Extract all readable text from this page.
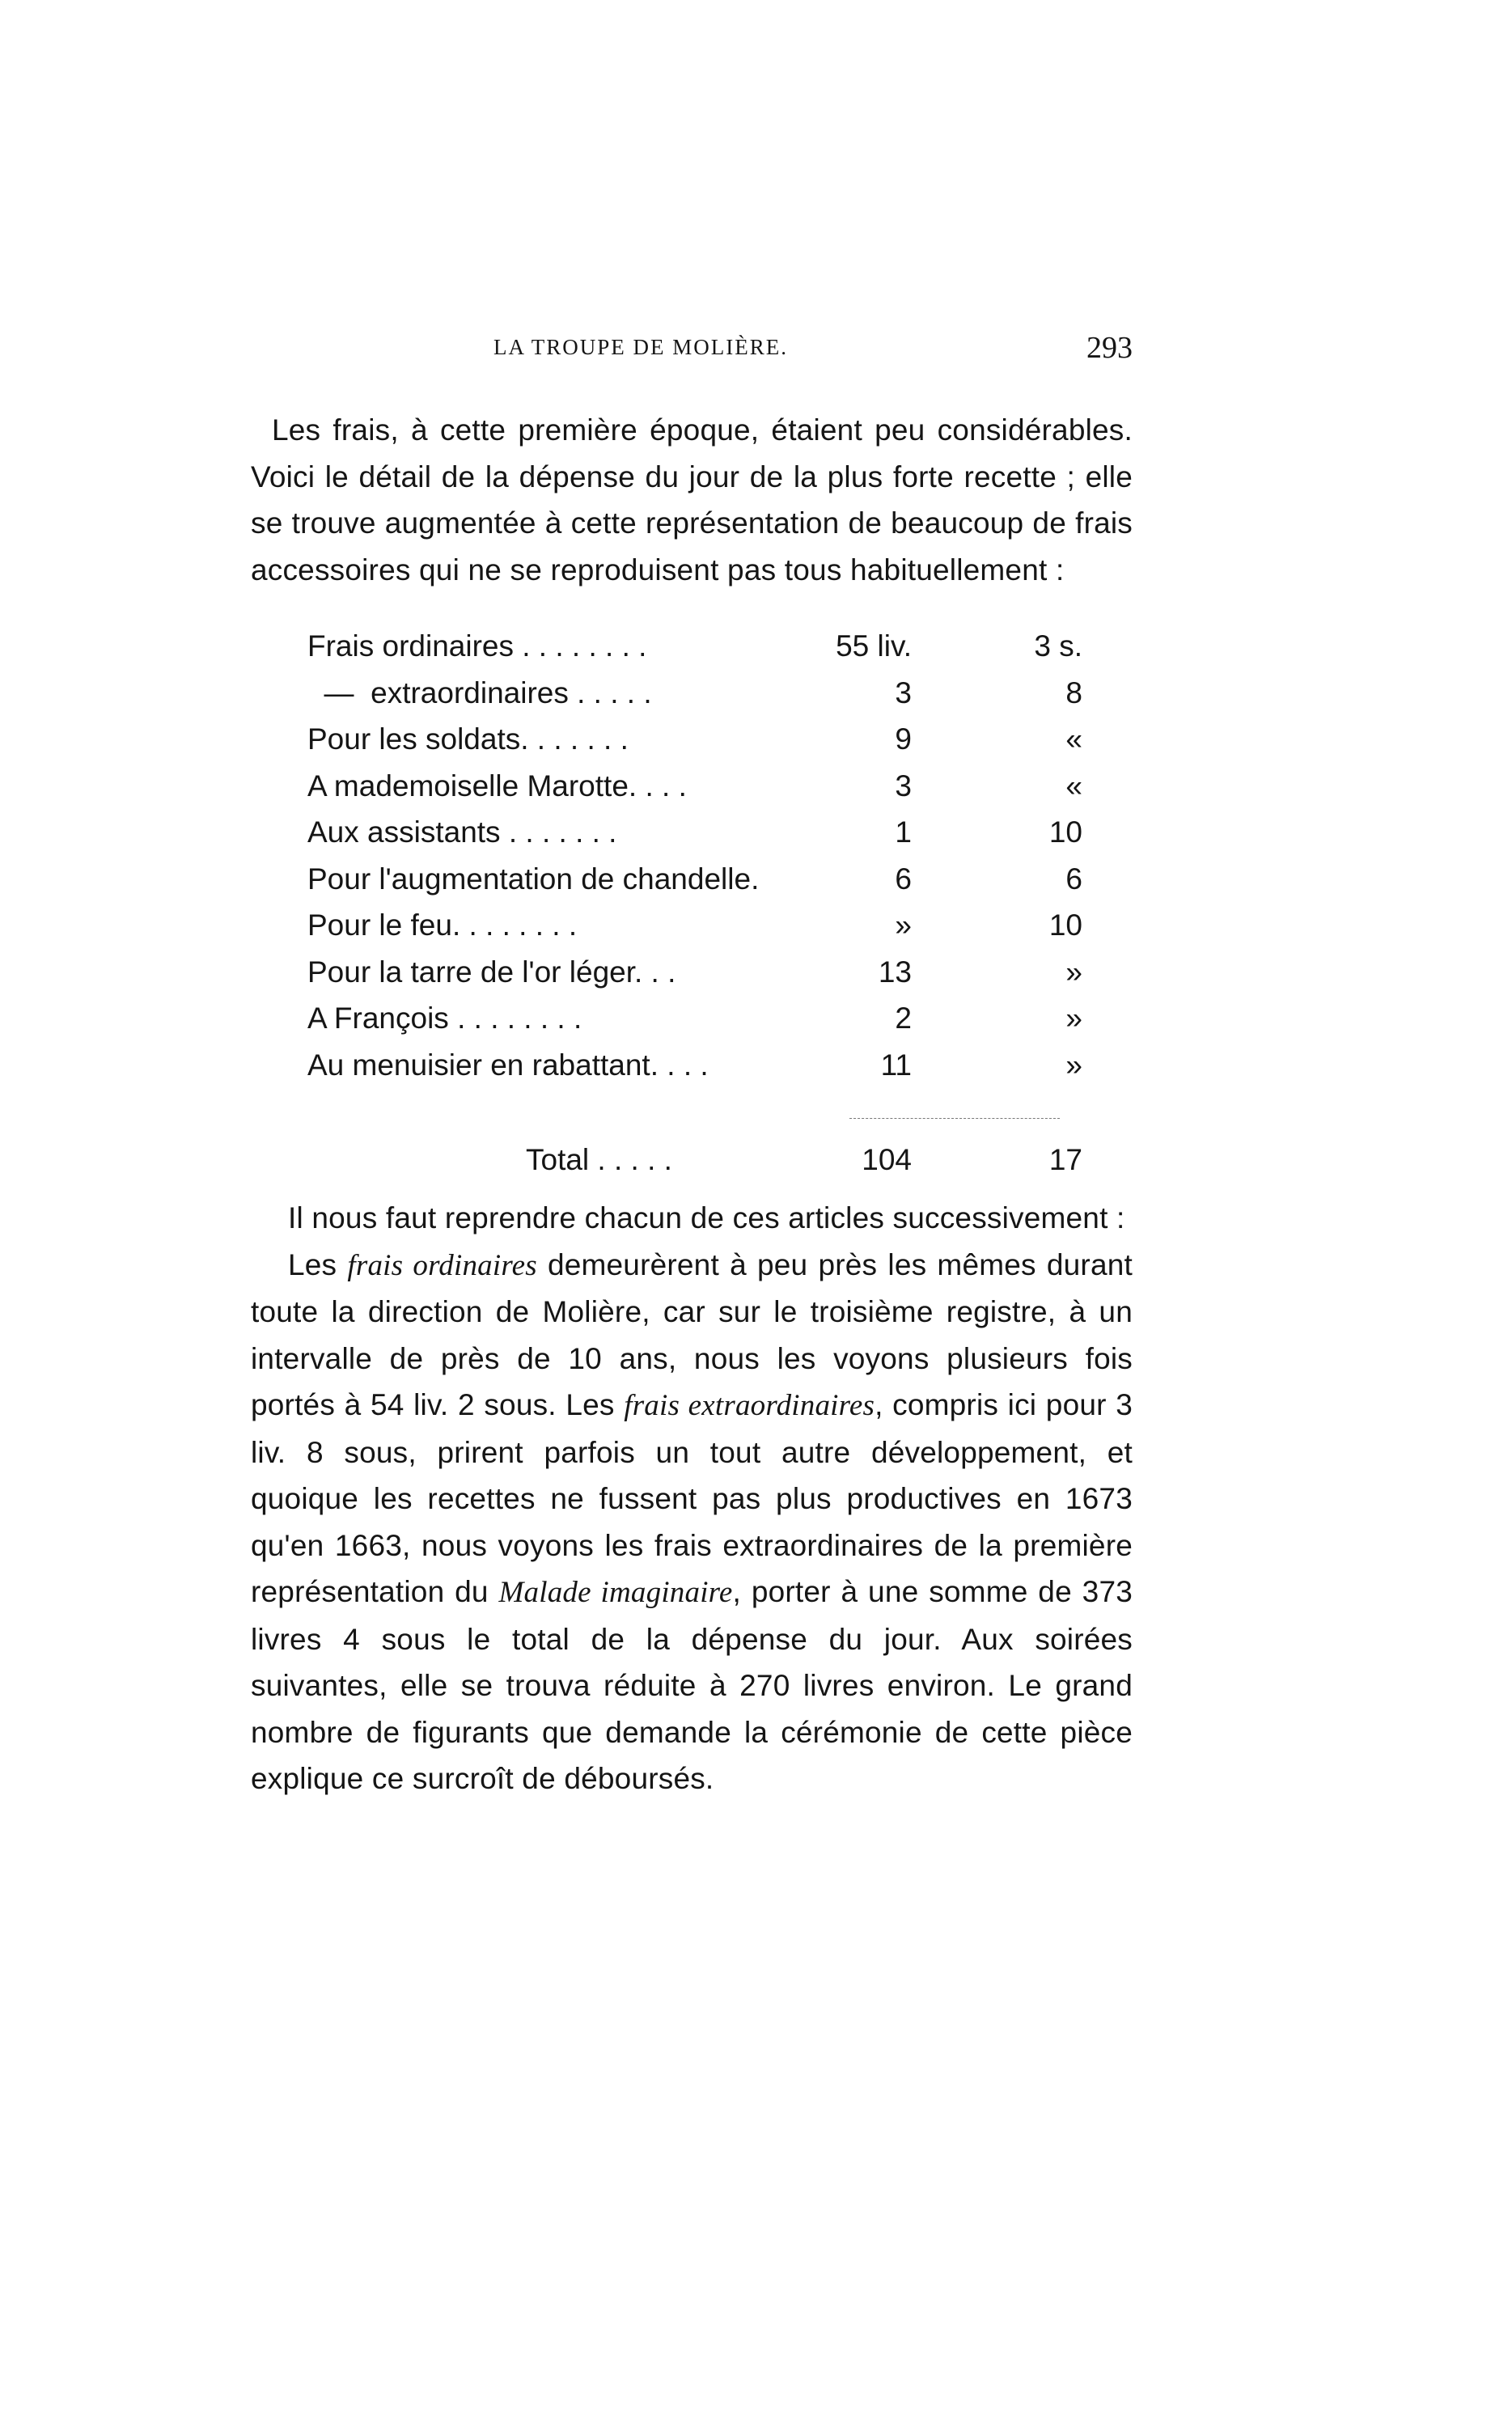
LA TROUPE DE MOLIÈRE.	293

Les frais, à cette première époque, étaient peu considérables. Voici le détail de la dépense du jour de la plus forte recette ; elle se trouve augmentée à cette représentation de beaucoup de frais accessoires qui ne se reproduisent pas tous habituellement :

Frais ordinaires . . . . . . . .	55 liv.	3 s.
—  extraordinaires . . . . .	3	8
Pour les soldats. . . . . . .	9	«
A mademoiselle Marotte. . . .	3	«
Aux assistants . . . . . . .	1	10
Pour l'augmentation de chandelle.	6	6
Pour le feu. . . . . . . .	»	10
Pour la tarre de l'or léger. . .	13	»
A François . . . . . . . .	2	»
Au menuisier en rabattant. . . .	11	»
Total . . . . .	104	17

Il nous faut reprendre chacun de ces articles successivement :

Les frais ordinaires demeurèrent à peu près les mêmes durant toute la direction de Molière, car sur le troisième registre, à un intervalle de près de 10 ans, nous les voyons plusieurs fois portés à 54 liv. 2 sous. Les frais extraordinaires, compris ici pour 3 liv. 8 sous, prirent parfois un tout autre développement, et quoique les recettes ne fussent pas plus productives en 1673 qu'en 1663, nous voyons les frais extraordinaires de la première représentation du Malade imaginaire, porter à une somme de 373 livres 4 sous le total de la dépense du jour. Aux soirées suivantes, elle se trouva réduite à 270 livres environ. Le grand nombre de figurants que demande la cérémonie de cette pièce explique ce surcroît de déboursés.
